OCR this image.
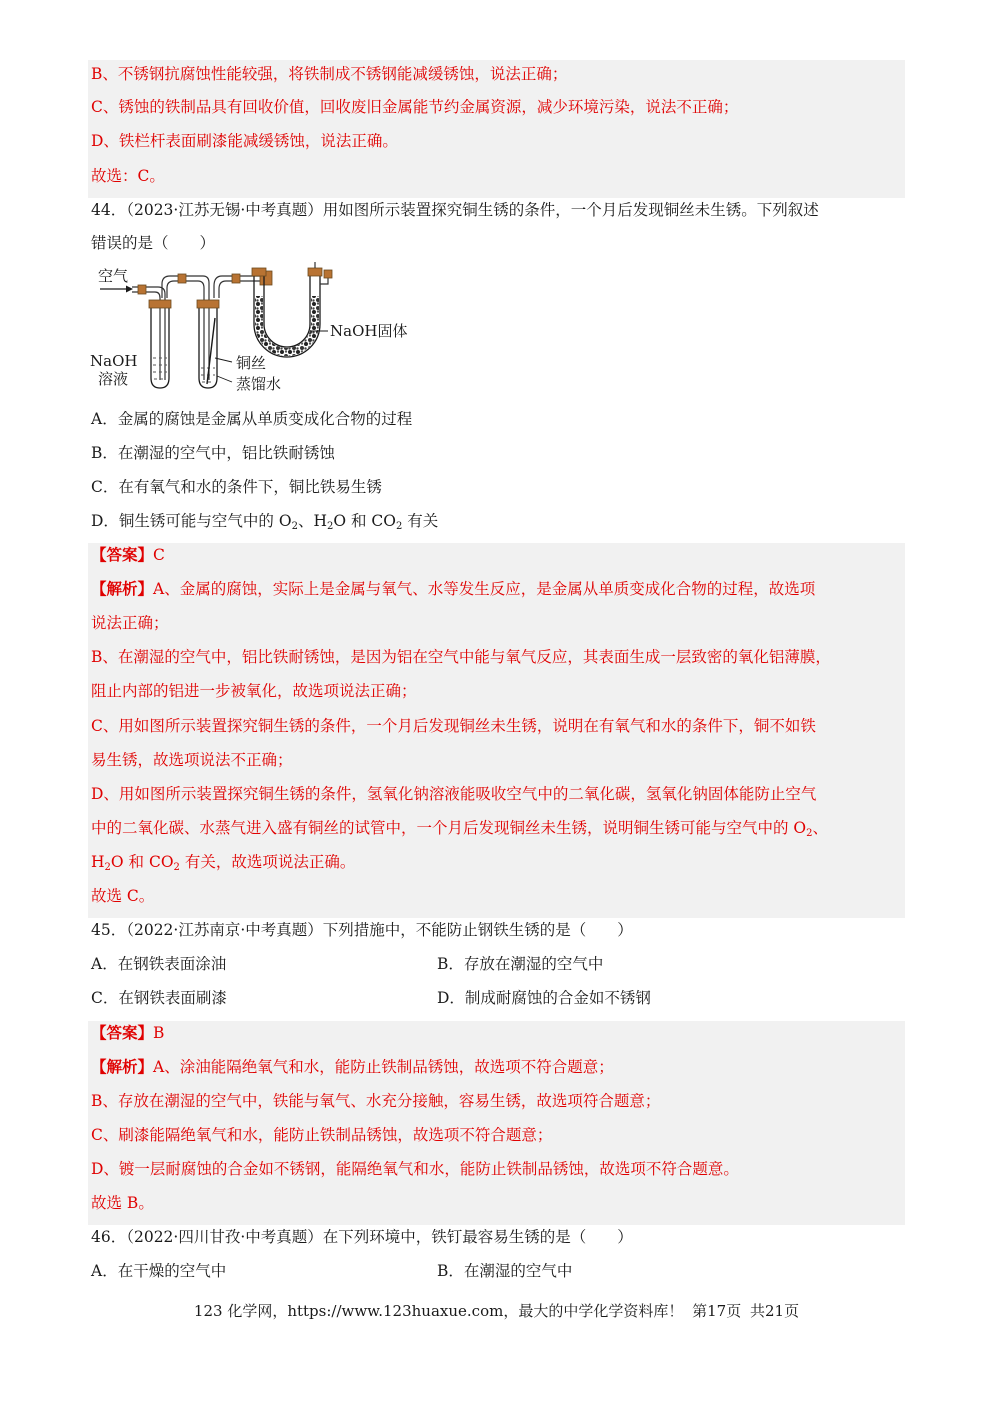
B、不锈钢抗腐蚀性能较强，将铁制成不锈钢能减缓锈蚀，说法正确；
C、锈蚀的铁制品具有回收价值，回收废旧金属能节约金属资源，减少环境污染，说法不正确；
D、铁栏杆表面刷漆能减缓锈蚀，说法正确。
故选：C。
44．（2023·江苏无锡·中考真题）用如图所示装置探究铜生锈的条件，一个月后发现铜丝未生锈。下列叙述
错误的是（　　）
空气
NaOH固体
NaOH
溶液
铜丝
蒸馏水
A．金属的腐蚀是金属从单质变成化合物的过程
B．在潮湿的空气中，铝比铁耐锈蚀
C．在有氧气和水的条件下，铜比铁易生锈
D．铜生锈可能与空气中的 $O_2$、$H_2O$ 和 $CO_2$ 有关
【答案】C
【解析】A、金属的腐蚀，实际上是金属与氧气、水等发生反应，是金属从单质变成化合物的过程，故选项
说法正确；
B、在潮湿的空气中，铝比铁耐锈蚀，是因为铝在空气中能与氧气反应，其表面生成一层致密的氧化铝薄膜，
阻止内部的铝进一步被氧化，故选项说法正确；
C、用如图所示装置探究铜生锈的条件，一个月后发现铜丝未生锈，说明在有氧气和水的条件下，铜不如铁
易生锈，故选项说法不正确；
D、用如图所示装置探究铜生锈的条件，氢氧化钠溶液能吸收空气中的二氧化碳，氢氧化钠固体能防止空气
中的二氧化碳、水蒸气进入盛有铜丝的试管中，一个月后发现铜丝未生锈，说明铜生锈可能与空气中的 $O_2$、
$H_2O$ 和 $CO_2$ 有关，故选项说法正确。
故选 C。
45．（2022·江苏南京·中考真题）下列措施中，不能防止钢铁生锈的是（　　）
A．在钢铁表面涂油	B．存放在潮湿的空气中
C．在钢铁表面刷漆	D．制成耐腐蚀的合金如不锈钢
【答案】B
【解析】A、涂油能隔绝氧气和水，能防止铁制品锈蚀，故选项不符合题意；
B、存放在潮湿的空气中，铁能与氧气、水充分接触，容易生锈，故选项符合题意；
C、刷漆能隔绝氧气和水，能防止铁制品锈蚀，故选项不符合题意；
D、镀一层耐腐蚀的合金如不锈钢，能隔绝氧气和水，能防止铁制品锈蚀，故选项不符合题意。
故选 B。
46．（2022·四川甘孜·中考真题）在下列环境中，铁钉最容易生锈的是（　　）
A．在干燥的空气中	B．在潮湿的空气中
123 化学网，https://www.123huaxue.com，最大的中学化学资料库！ 第17页 共21页
